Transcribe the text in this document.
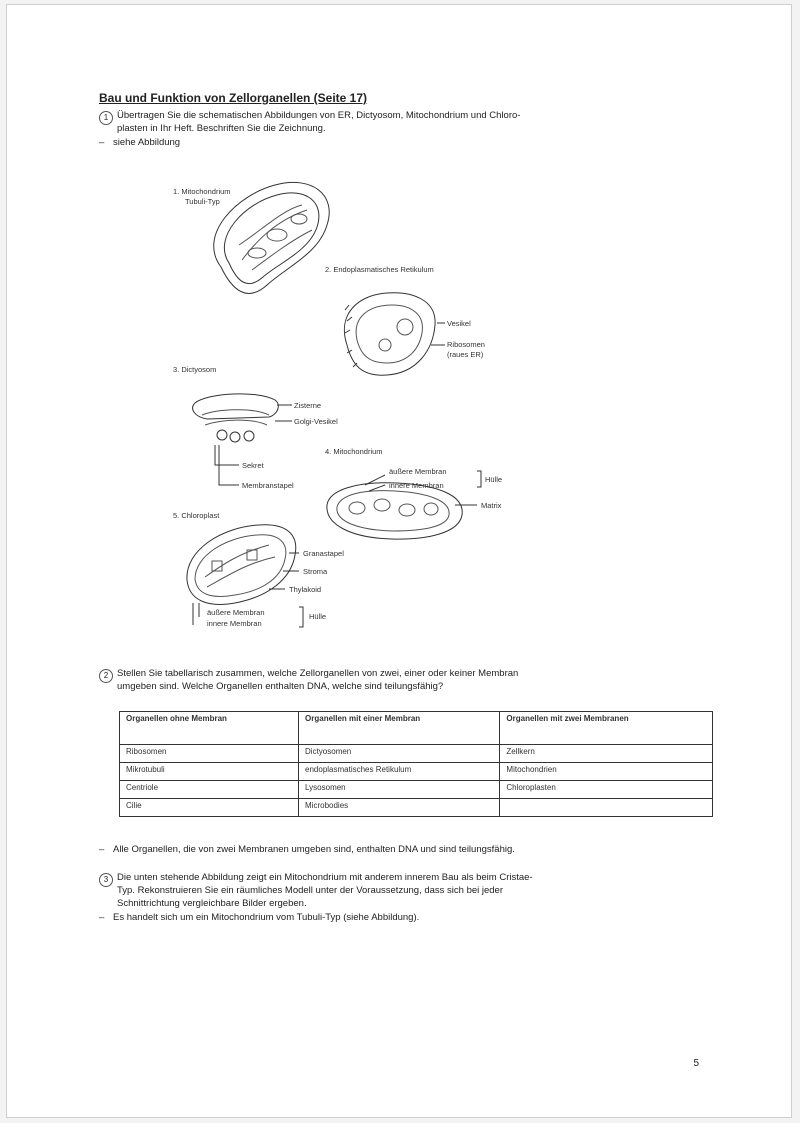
Bau und Funktion von Zellorganellen (Seite 17)
1 Übertragen Sie die schematischen Abbildungen von ER, Dictyosom, Mitochondrium und Chloro-
plasten in Ihr Heft. Beschriften Sie die Zeichnung.
– siehe Abbildung
1. Mitochondrium
Tubuli-Typ
2. Endoplasmatisches Retikulum
Vesikel
Ribosomen
(raues ER)
3. Dictyosom
Zisterne
Golgi-Vesikel
Sekret
Membranstapel
4. Mitochondrium
äußere Membran
innere Membran
Hülle
Matrix
5. Chloroplast
Granastapel
Stroma
Thylakoid
äußere Membran
innere Membran
Hülle
2 Stellen Sie tabellarisch zusammen, welche Zellorganellen von zwei, einer oder keiner Membran
umgeben sind. Welche Organellen enthalten DNA, welche sind teilungsfähig?
Organellen ohne Membran	Organellen mit einer Membran	Organellen mit zwei Membranen
Ribosomen	Dictyosomen	Zellkern
Mikrotubuli	endoplasmatisches Retikulum	Mitochondrien
Centriole	Lysosomen	Chloroplasten
Cilie	Microbodies	
– Alle Organellen, die von zwei Membranen umgeben sind, enthalten DNA und sind teilungsfähig.
3 Die unten stehende Abbildung zeigt ein Mitochondrium mit anderem innerem Bau als beim Cristae-
Typ. Rekonstruieren Sie ein räumliches Modell unter der Voraussetzung, dass sich bei jeder
Schnittrichtung vergleichbare Bilder ergeben.
– Es handelt sich um ein Mitochondrium vom Tubuli-Typ (siehe Abbildung).
5
